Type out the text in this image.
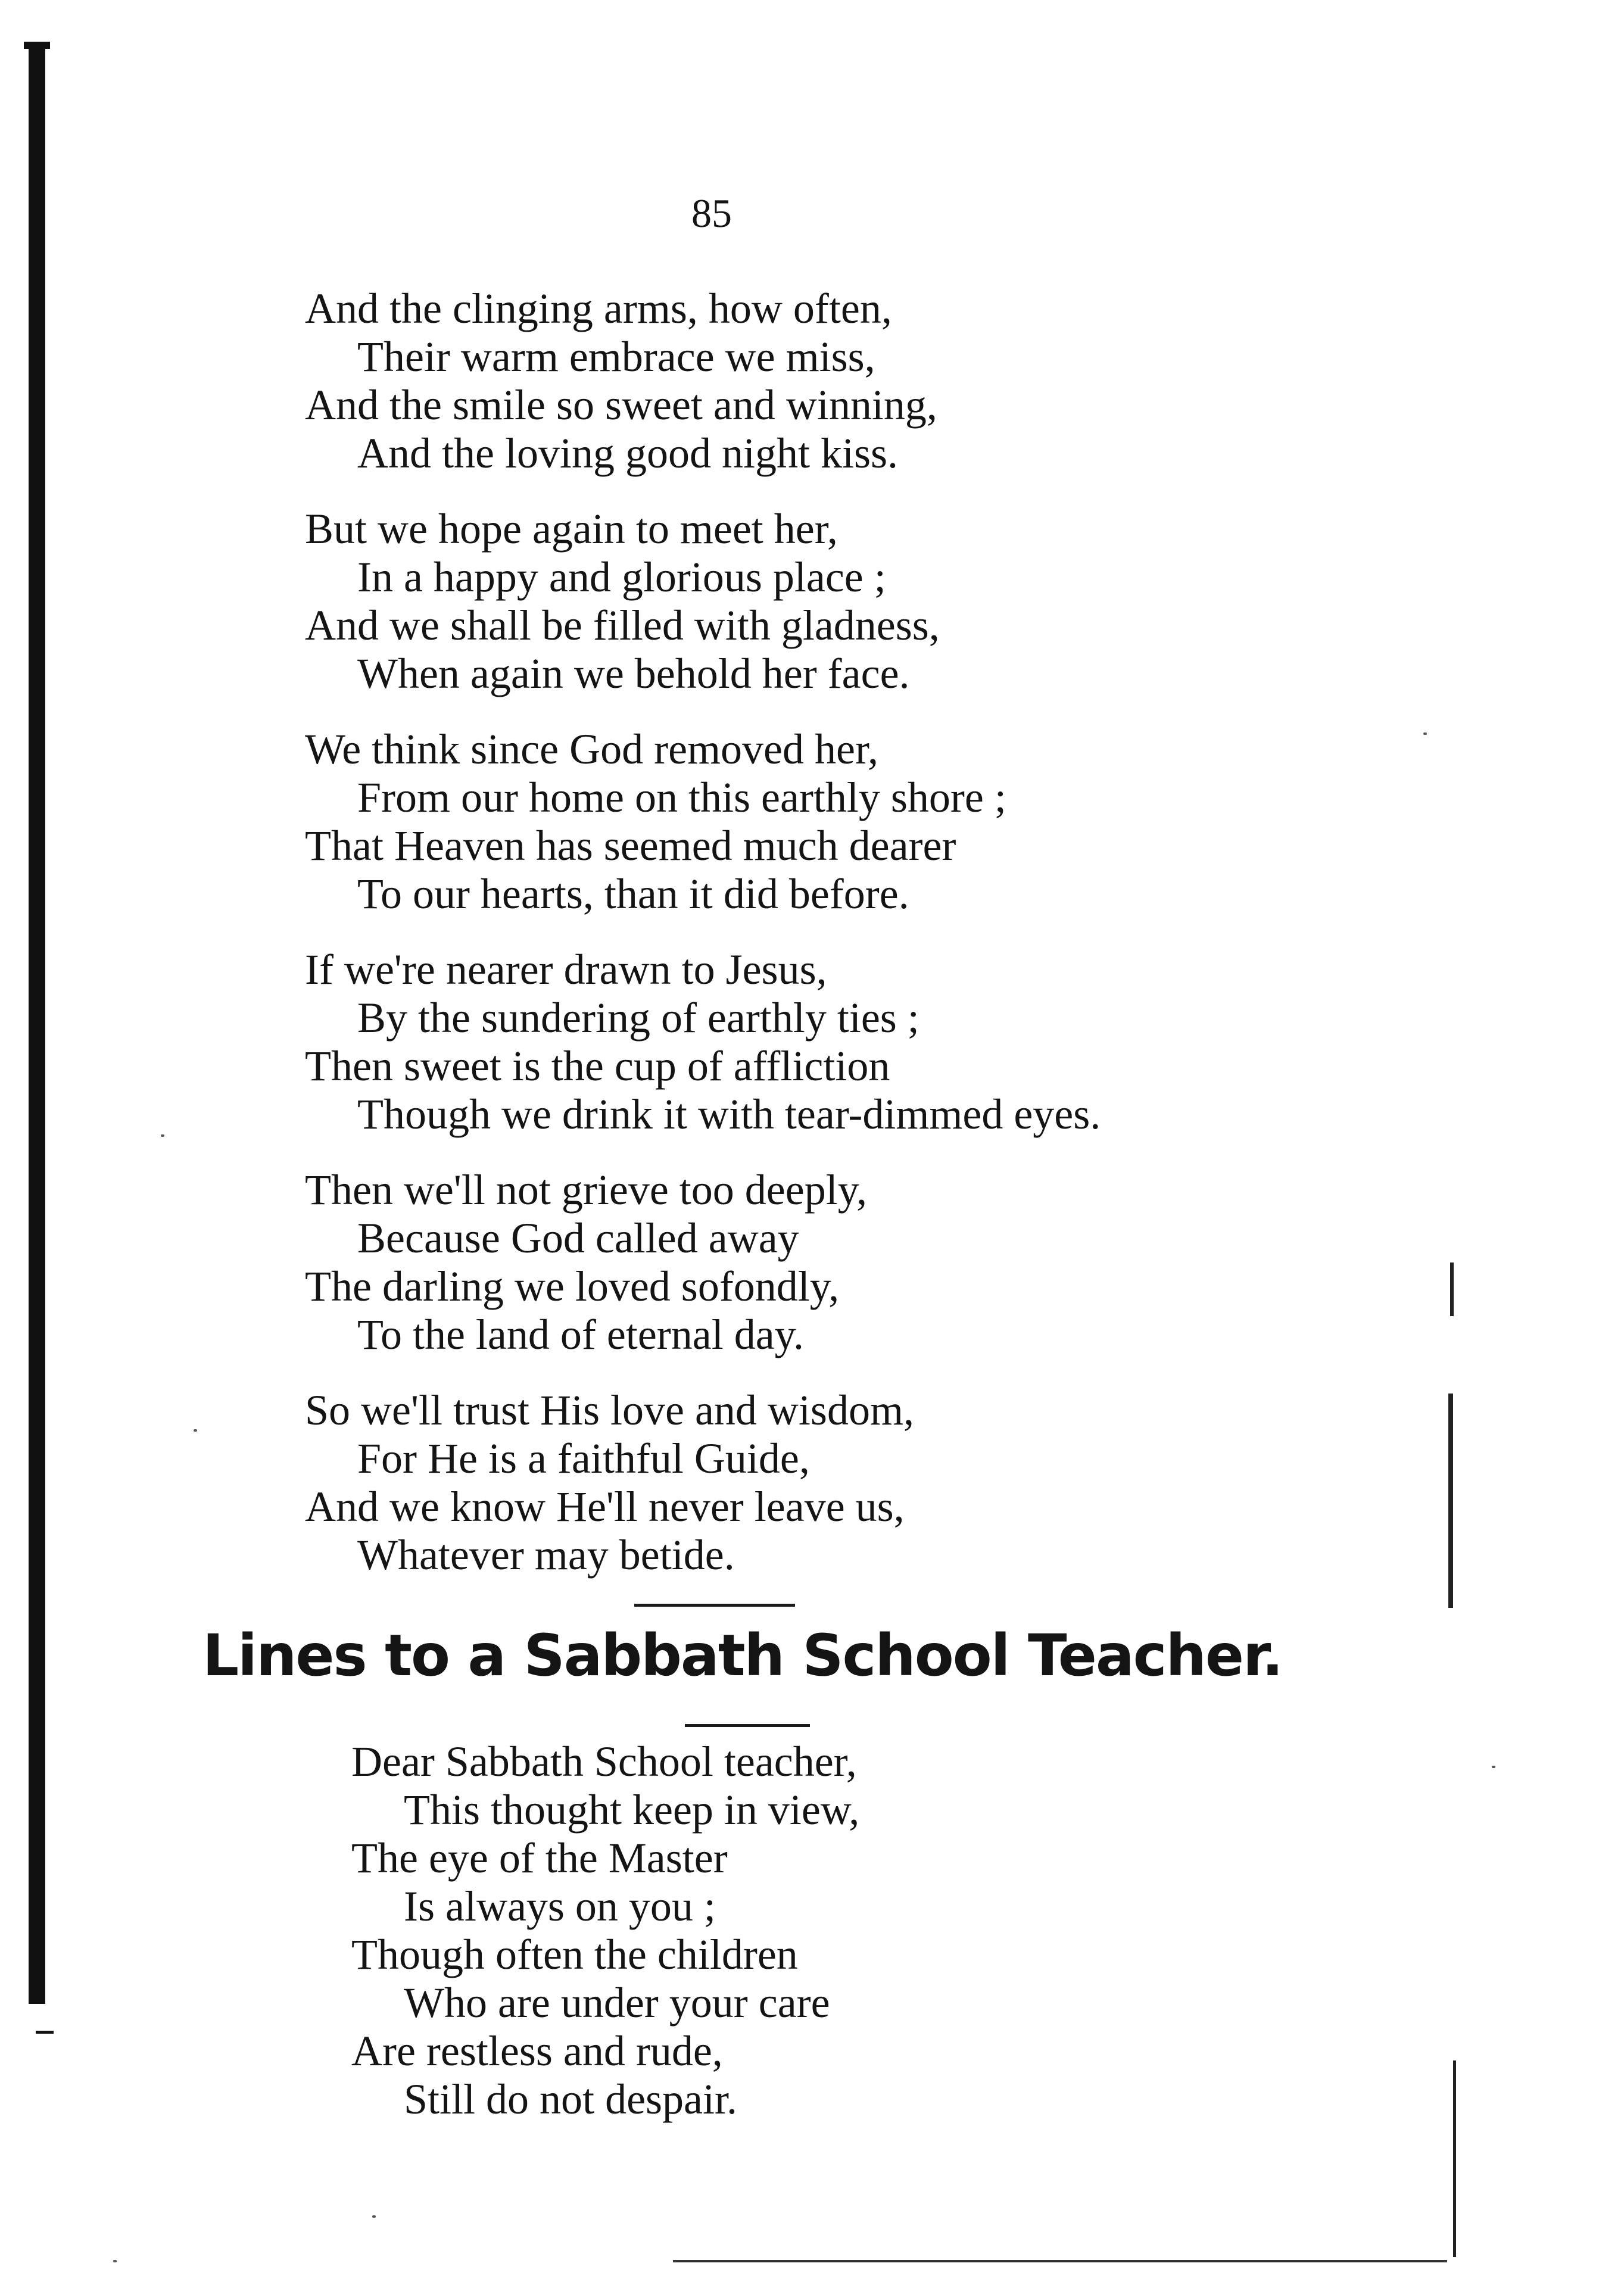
85
And the clinging arms, how often,
Their warm embrace we miss,
And the smile so sweet and winning,
And the loving good night kiss.
But we hope again to meet her,
In a happy and glorious place ;
And we shall be filled with gladness,
When again we behold her face.
We think since God removed her,
From our home on this earthly shore ;
That Heaven has seemed much dearer
To our hearts, than it did before.
If we're nearer drawn to Jesus,
By the sundering of earthly ties ;
Then sweet is the cup of affliction
Though we drink it with tear-dimmed eyes.
Then we'll not grieve too deeply,
Because God called away
The darling we loved sofondly,
To the land of eternal day.
So we'll trust His love and wisdom,
For He is a faithful Guide,
And we know He'll never leave us,
Whatever may betide.
Lines to a Sabbath School Teacher.
Dear Sabbath School teacher,
This thought keep in view,
The eye of the Master
Is always on you ;
Though often the children
Who are under your care
Are restless and rude,
Still do not despair.
